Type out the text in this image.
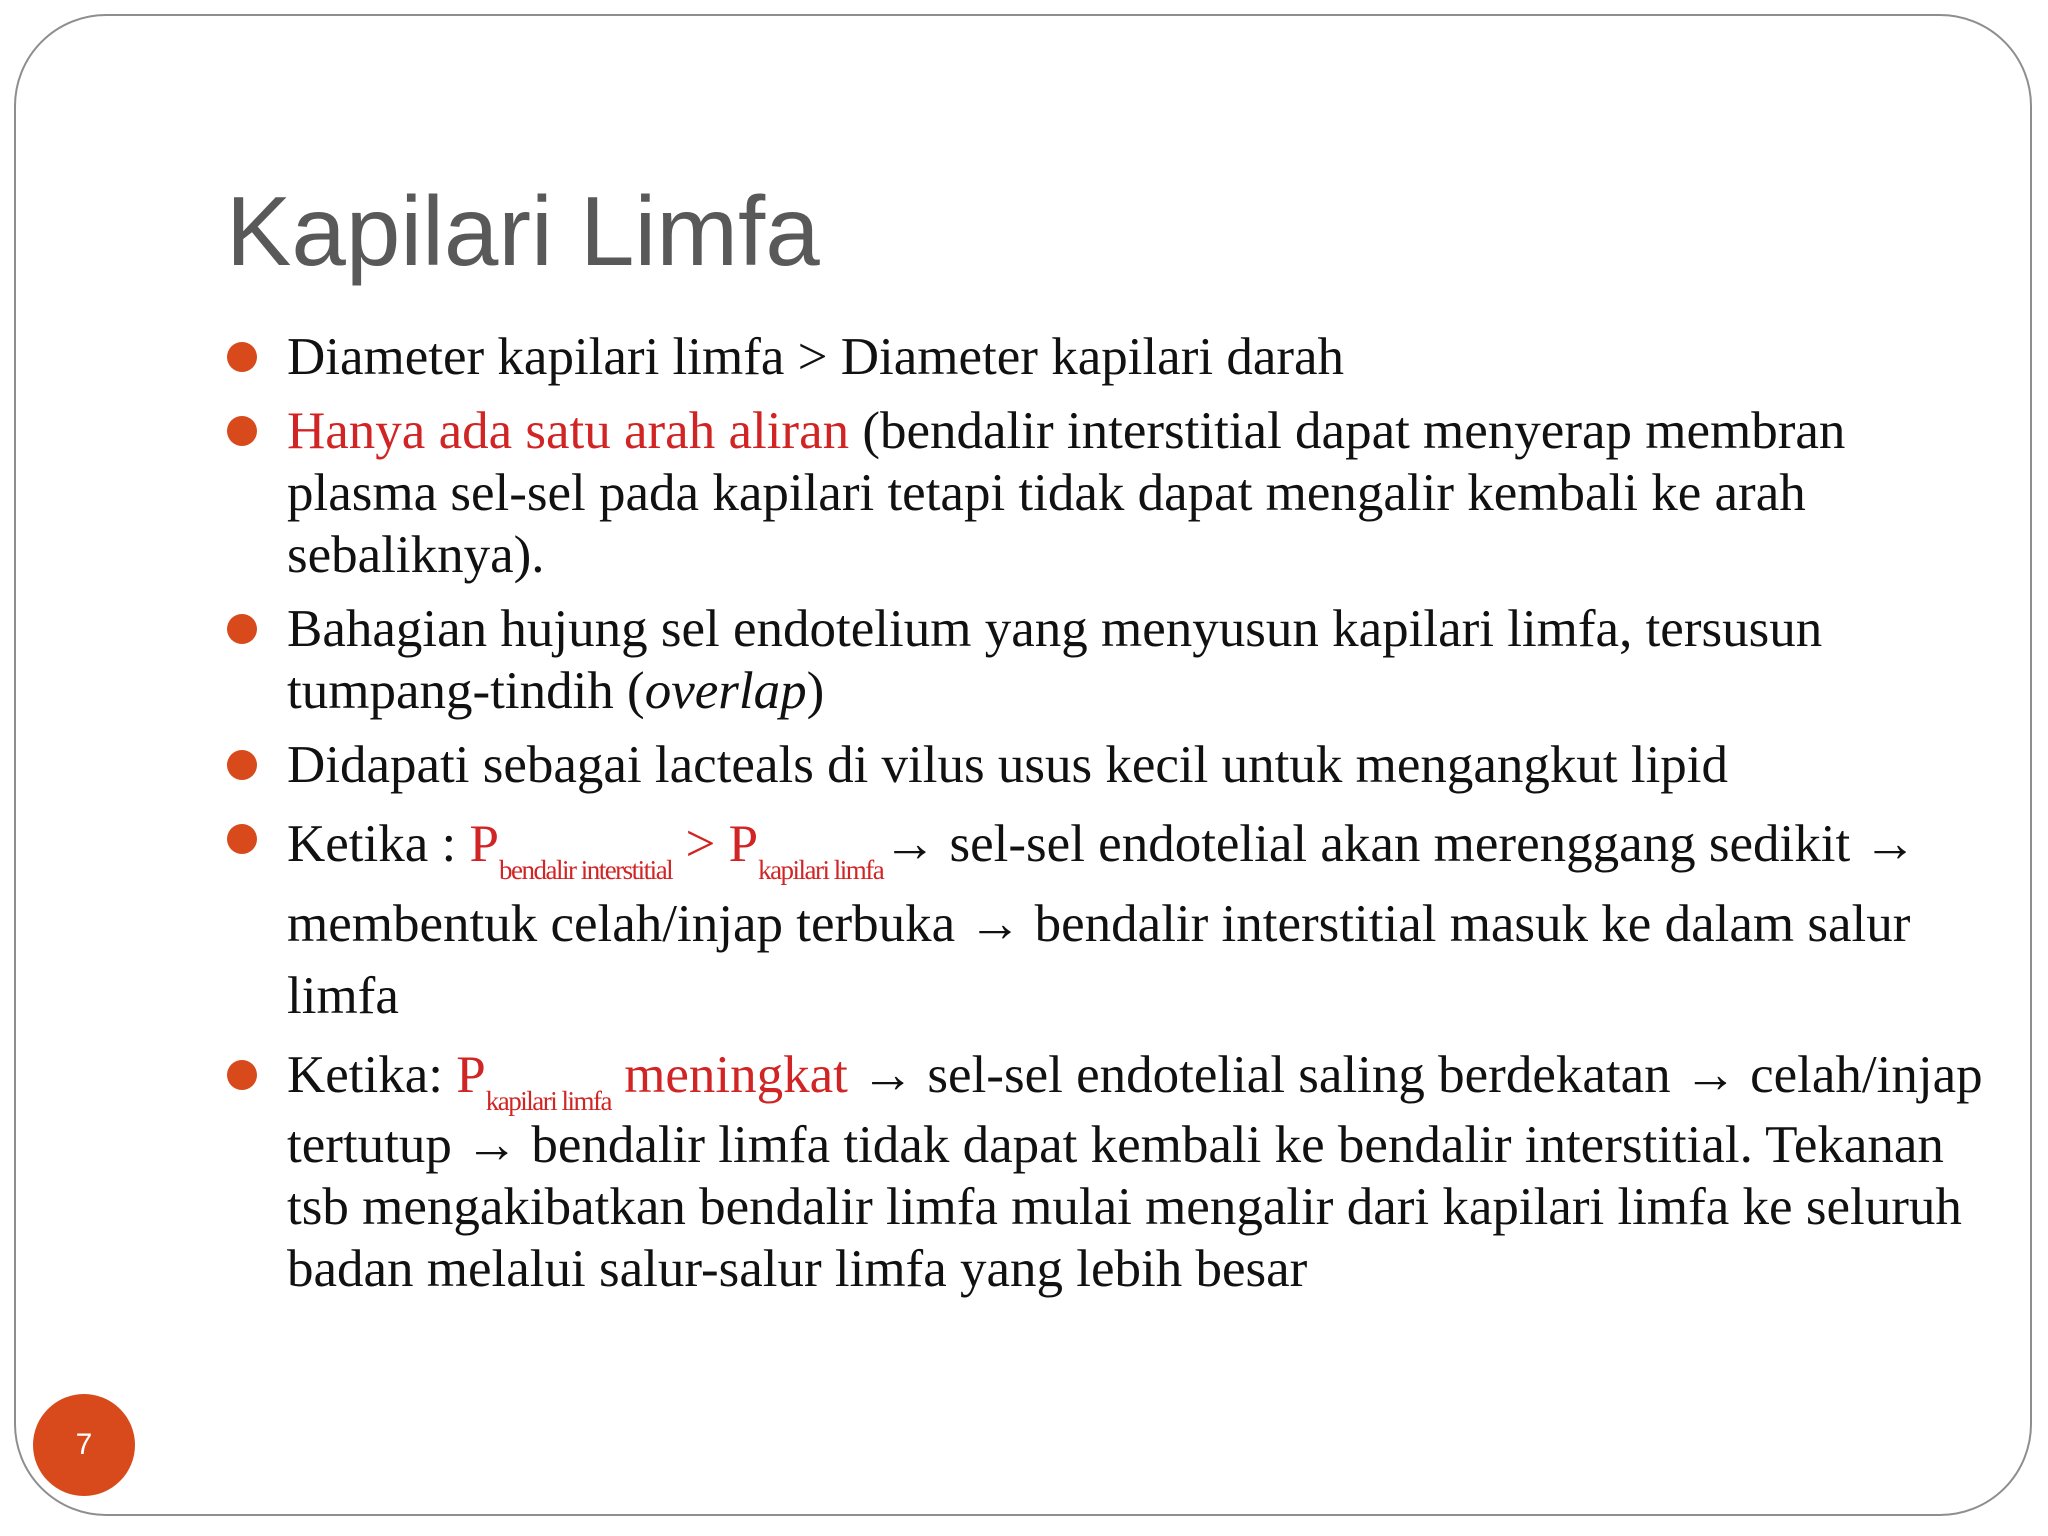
Kapilari Limfa
Diameter kapilari limfa > Diameter kapilari darah
Hanya ada satu arah aliran (bendalir interstitial dapat menyerap membran plasma sel-sel pada kapilari tetapi tidak dapat mengalir kembali ke arah sebaliknya).
Bahagian hujung sel endotelium yang menyusun kapilari limfa, tersusun tumpang-tindih (overlap)
Didapati sebagai lacteals di vilus usus kecil untuk mengangkut lipid
Ketika : $P_{bendalir interstitial} > P_{kapilari limfa}\to sel-sel$ endotelial akan merenggang sedikit → membentuk celah/injap terbuka → bendalir interstitial masuk ke dalam salur limfa
Ketika: $P_{kapilari limfa}$ meningkat → sel-sel endotelial saling berdekatan → celah/injap tertutup → bendalir limfa tidak dapat kembali ke bendalir interstitial. Tekanan tsb mengakibatkan bendalir limfa mulai mengalir dari kapilari limfa ke seluruh badan melalui salur-salur limfa yang lebih besar
7
